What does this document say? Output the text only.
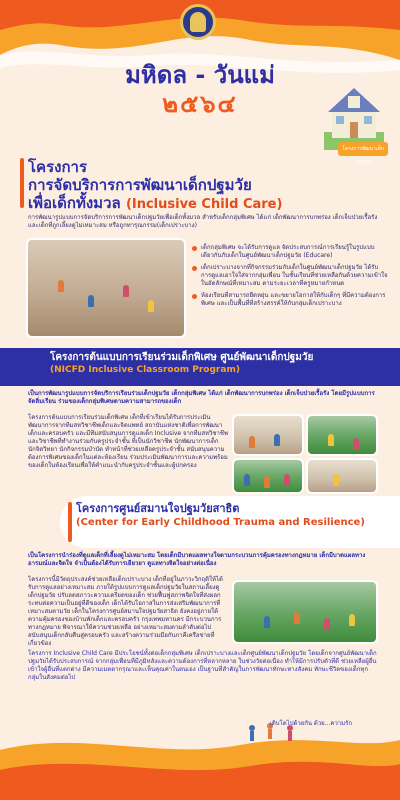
มหิดล - วันแม่
๒๕๖๔
โครงการพัฒนาเด็ก NICFD
โครงการ
การจัดบริการการพัฒนาเด็กปฐมวัย
เพื่อเด็กทั้งมวล (Inclusive Child Care)
การพัฒนารูปแบบการจัดบริการการพัฒนาเด็กปฐมวัยเพื่อเด็กทั้งมวล สำหรับเด็กกลุ่มพิเศษ ได้แก่ เด็กพัฒนาการบกพร่อง เด็กเจ็บป่วยเรื้อรัง และเด็กที่ถูกเลี้ยงดูไม่เหมาะสม หรือถูกทารุณกรรม(เด็กเปราะบาง)
เด็กกลุ่มพิเศษ จะได้รับการดูแล จัดประสบการณ์การเรียนรู้ในรูปแบบเดียวกันกับเด็กในศูนย์พัฒนาเด็กปฐมวัย (Educare)
เด็กเปราะบางจากที่กิจกรรมร่วมกับเด็กในศูนย์พัฒนาเด็กปฐมวัย ได้รับการดูแลเอาใจใส่จากกลุ่มเพื่อน ในชั้นเรียนที่ช่วยเหลือกันด้วยความเข้าใจ ในอัตลักษณ์ที่เหมาะสม ตามระยะเวลาที่ครูหมายกำหนด
ห้องเรียนที่สามารถยืดหยุ่น และขยายโอกาสให้กับเด็กๆ ที่มีความต้องการพิเศษ และเป็นพื้นที่ที่สร้างสรรค์ให้กับกลุ่มเด็กเปราะบาง
โครงการต้นแบบการเรียนร่วมเด็กพิเศษ ศูนย์พัฒนาเด็กปฐมวัย
(NICFD Inclusive Classroom Program)
เป็นการพัฒนารูปแบบการจัดบริการเรียนร่วมเด็กปฐมวัย เด็กกลุ่มพิเศษ ได้แก่ เด็กพัฒนาการบกพร่อง เด็กเจ็บป่วยเรื้อรัง โดยมีรูปแบบการจัดลิ่มเรียน ร่วมของเด็กกลุ่มพิเศษตามความสามารถของเด็ก
โครงการต้นแบบการเรียนร่วมเด็กพิเศษ เด็กที่เข้าเรียนได้รับการประเมินพัฒนาการจากทีมสหวิชาชีพเด็กและจิตแพทย์ สถาบันแห่งชาติเพื่อการพัฒนาเด็กและครอบครัว และมีทีมสนับสนุนการดูแลเด็ก Inclusive จากทีมสหวิชาชีพ และวิชาชีพที่ทำงานร่วมกับครูประจำชั้น ที่เป็นนักวิชาชีพ นักพัฒนาการเด็ก นักจิตวิทยา นักกิจกรรมบำบัด ทำหน้าที่ช่วยเหลือครูประจำชั้น สนับสนุนความต้องการพิเศษของเด็กในแต่ละห้องเรียน ร่วมประเมินพัฒนาการและความพร้อมของเด็กในห้องเรียนเพื่อให้คำแนะนำกับครูประจำชั้นและผู้ปกครอง
โครงการศูนย์สมานใจปฐมวัยสาธิต
(Center for Early Childhood Trauma and Resilience)
เป็นโครงการนำร่องที่ดูแลเด็กที่เลี้ยงดูไม่เหมาะสม โดยเด็กมีบาดแผลทางใจตามกระบวนการคุ้มครองทางกฎหมาย เด็กมีบาดแผลทางอารมณ์และจิตใจ จำเป็นต้องได้รับการเยียวยา ดูแลทางจิตใจอย่างต่อเนื่อง
โครงการนี้มีวัตถุประสงค์ช่วยเหลือเด็กเปราะบาง เด็กที่อยู่ในภาวะวิกฤติให้ได้รับการดูแลอย่างเหมาะสม ภายใต้รูปแบบการดูแลเด็กปฐมวัยในสถานเลี้ยงดูเด็กปฐมวัย ปรับลดสภาวะความเครียดของเด็ก ช่วยฟื้นฟูสภาพจิตใจที่ส่งผลกระทบต่อความเป็นอยู่ที่ดีของเด็ก เด็กได้รับโอกาสในการส่งเสริมพัฒนาการที่เหมาะสมตามวัย เด็กในโครงการศูนย์สมานใจปฐมวัยสาธิต ยังคงอยู่ภายใต้ความคุ้มครองของบ้านพักเด็กและครอบครัว กรุงเทพมหานคร มีกระบวนการทางกฎหมาย พิจารณาให้ความช่วยเหลือ อย่างเหมาะสมตามลำดับต่อไป สนับสนุนเด็กกลับคืนสู่ครอบครัว และสร้างความร่วมมือกับภาคีเครือข่ายที่เกี่ยวข้อง
โครงการ Inclusive Child Care มีประโยชน์ทั้งต่อเด็กกลุ่มพิเศษ เด็กเปราะบางและเด็กศูนย์พัฒนาเด็กปฐมวัย โดยเด็กจากศูนย์พัฒนาเด็กปฐมวัยได้รับประสบการณ์ จากกลุ่มเพื่อนที่มีภูมิหลังและความต้องการที่หลากหลาย ในช่วงวัยต่อเนื่อง ทำให้มีการปรับตัวที่ดี ช่วยเหลือผู้อื่น เข้าใจผู้อื่นที่แตกต่าง มีความเมตตากรุณาและเห็นคุณค่าในตนเอง เป็นฐานที่สำคัญในการพัฒนาทักษะทางสังคม ทักษะชีวิตของเด็กทุกกลุ่มในสังคมต่อไป
เติบโตไปด้วยกัน ด้วย...ความรัก
